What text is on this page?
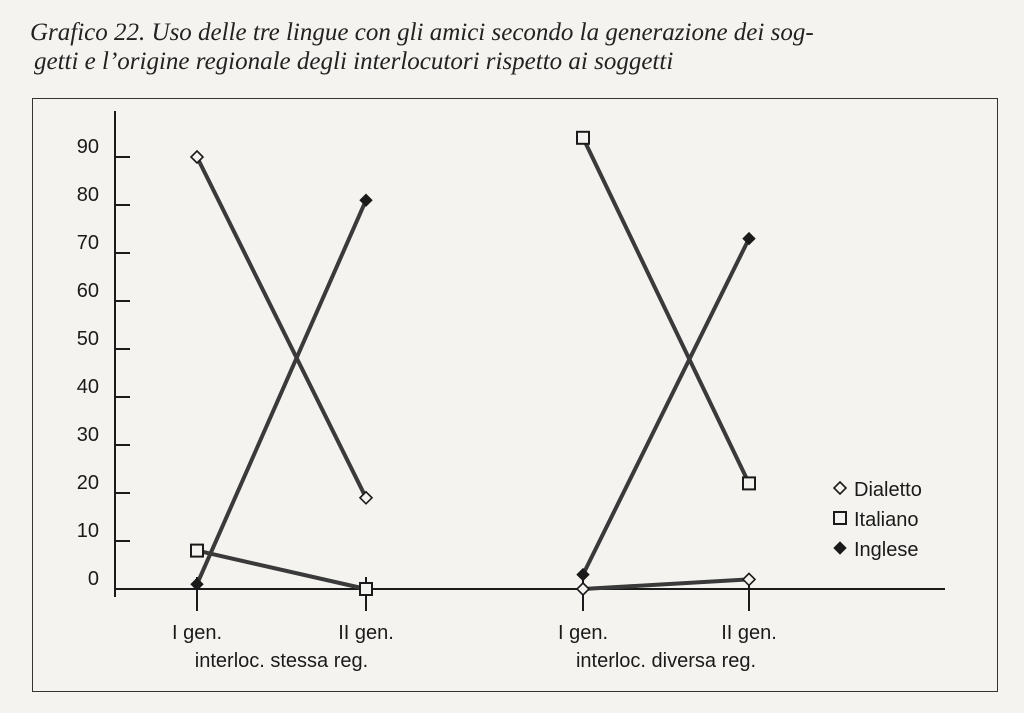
Grafico 22. Uso delle tre lingue con gli amici secondo la generazione dei sog-
getti e l’origine regionale degli interlocutori rispetto ai soggetti
0
10
20
30
40
50
60
70
80
90
I gen.	II gen.
interloc. stessa reg.
I gen.	II gen.
interloc. diversa reg.
Dialetto
Italiano
Inglese
